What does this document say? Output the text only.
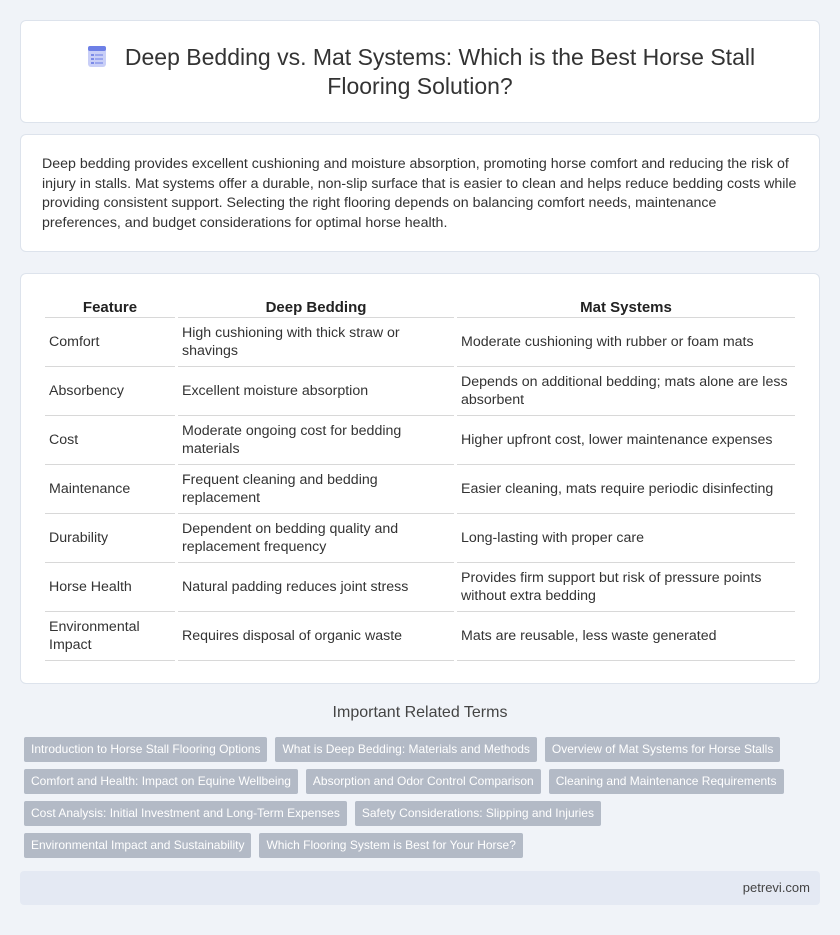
Deep Bedding vs. Mat Systems: Which is the Best Horse Stall Flooring Solution?

Deep bedding provides excellent cushioning and moisture absorption, promoting horse comfort and reducing the risk of injury in stalls. Mat systems offer a durable, non-slip surface that is easier to clean and helps reduce bedding costs while providing consistent support. Selecting the right flooring depends on balancing comfort needs, maintenance preferences, and budget considerations for optimal horse health.

Feature	Deep Bedding	Mat Systems
Comfort	High cushioning with thick straw or shavings	Moderate cushioning with rubber or foam mats
Absorbency	Excellent moisture absorption	Depends on additional bedding; mats alone are less absorbent
Cost	Moderate ongoing cost for bedding materials	Higher upfront cost, lower maintenance expenses
Maintenance	Frequent cleaning and bedding replacement	Easier cleaning, mats require periodic disinfecting
Durability	Dependent on bedding quality and replacement frequency	Long-lasting with proper care
Horse Health	Natural padding reduces joint stress	Provides firm support but risk of pressure points without extra bedding
Environmental Impact	Requires disposal of organic waste	Mats are reusable, less waste generated
Important Related Terms
Introduction to Horse Stall Flooring Options	What is Deep Bedding: Materials and Methods	Overview of Mat Systems for Horse Stalls
Comfort and Health: Impact on Equine Wellbeing	Absorption and Odor Control Comparison	Cleaning and Maintenance Requirements
Cost Analysis: Initial Investment and Long-Term Expenses	Safety Considerations: Slipping and Injuries
Environmental Impact and Sustainability	Which Flooring System is Best for Your Horse?
petrevi.com
